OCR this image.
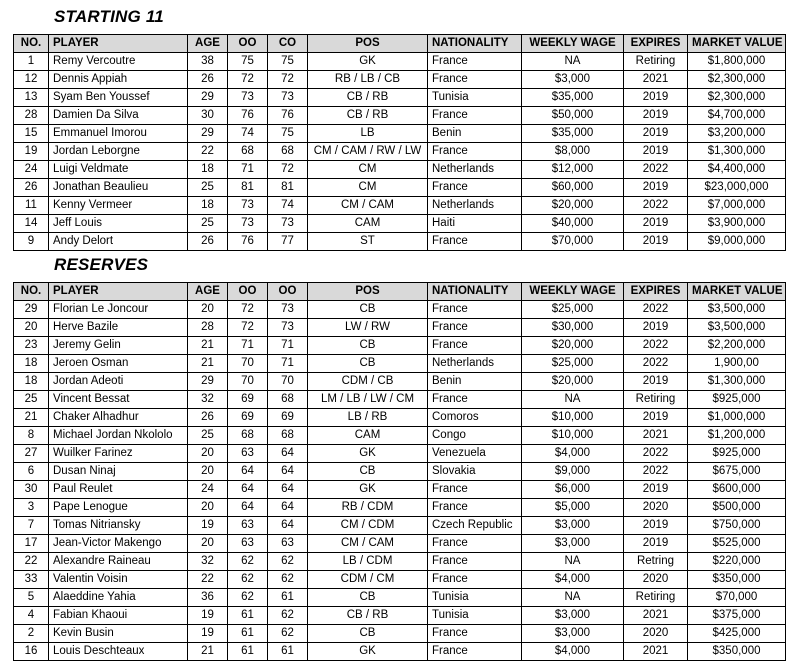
STARTING 11
NO.	PLAYER	AGE	OO	CO	POS	NATIONALITY	WEEKLY WAGE	EXPIRES	MARKET VALUE
1	Remy Vercoutre	38	75	75	GK	France	NA	Retiring	$1,800,000
12	Dennis Appiah	26	72	72	RB / LB / CB	France	$3,000	2021	$2,300,000
13	Syam Ben Youssef	29	73	73	CB / RB	Tunisia	$35,000	2019	$2,300,000
28	Damien Da Silva	30	76	76	CB / RB	France	$50,000	2019	$4,700,000
15	Emmanuel Imorou	29	74	75	LB	Benin	$35,000	2019	$3,200,000
19	Jordan Leborgne	22	68	68	CM / CAM / RW / LW	France	$8,000	2019	$1,300,000
24	Luigi Veldmate	18	71	72	CM	Netherlands	$12,000	2022	$4,400,000
26	Jonathan Beaulieu	25	81	81	CM	France	$60,000	2019	$23,000,000
11	Kenny Vermeer	18	73	74	CM / CAM	Netherlands	$20,000	2022	$7,000,000
14	Jeff Louis	25	73	73	CAM	Haiti	$40,000	2019	$3,900,000
9	Andy Delort	26	76	77	ST	France	$70,000	2019	$9,000,000
RESERVES
NO.	PLAYER	AGE	OO	OO	POS	NATIONALITY	WEEKLY WAGE	EXPIRES	MARKET VALUE
29	Florian Le Joncour	20	72	73	CB	France	$25,000	2022	$3,500,000
20	Herve Bazile	28	72	73	LW / RW	France	$30,000	2019	$3,500,000
23	Jeremy Gelin	21	71	71	CB	France	$20,000	2022	$2,200,000
18	Jeroen Osman	21	70	71	CB	Netherlands	$25,000	2022	1,900,00
18	Jordan Adeoti	29	70	70	CDM / CB	Benin	$20,000	2019	$1,300,000
25	Vincent Bessat	32	69	68	LM / LB / LW / CM	France	NA	Retiring	$925,000
21	Chaker Alhadhur	26	69	69	LB / RB	Comoros	$10,000	2019	$1,000,000
8	Michael Jordan Nkololo	25	68	68	CAM	Congo	$10,000	2021	$1,200,000
27	Wuilker Farinez	20	63	64	GK	Venezuela	$4,000	2022	$925,000
6	Dusan Ninaj	20	64	64	CB	Slovakia	$9,000	2022	$675,000
30	Paul Reulet	24	64	64	GK	France	$6,000	2019	$600,000
3	Pape Lenogue	20	64	64	RB / CDM	France	$5,000	2020	$500,000
7	Tomas Nitriansky	19	63	64	CM / CDM	Czech Republic	$3,000	2019	$750,000
17	Jean-Victor Makengo	20	63	63	CM / CAM	France	$3,000	2019	$525,000
22	Alexandre Raineau	32	62	62	LB / CDM	France	NA	Retring	$220,000
33	Valentin Voisin	22	62	62	CDM / CM	France	$4,000	2020	$350,000
5	Alaeddine Yahia	36	62	61	CB	Tunisia	NA	Retiring	$70,000
4	Fabian Khaoui	19	61	62	CB / RB	Tunisia	$3,000	2021	$375,000
2	Kevin Busin	19	61	62	CB	France	$3,000	2020	$425,000
16	Louis Deschteaux	21	61	61	GK	France	$4,000	2021	$350,000
